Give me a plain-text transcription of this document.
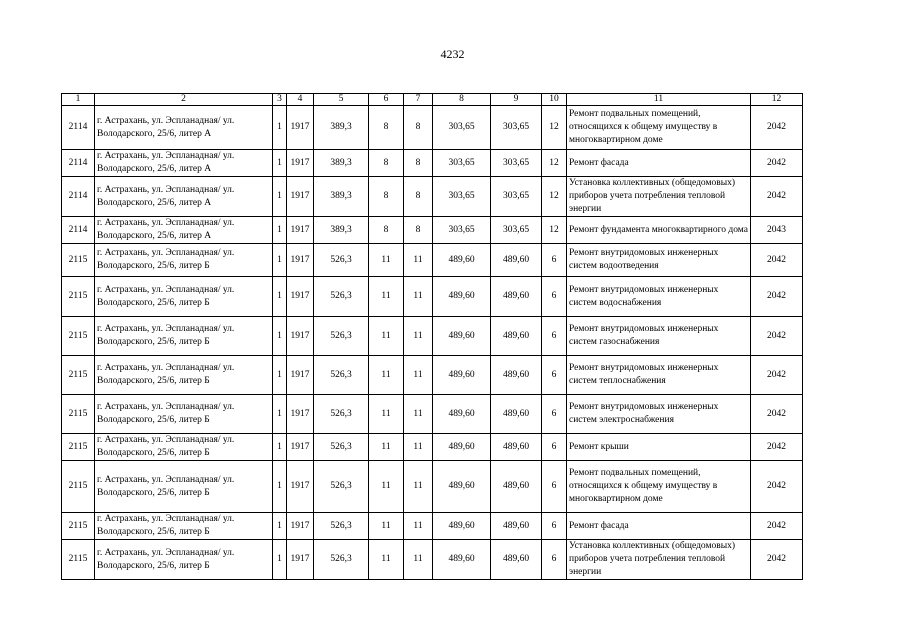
4232
1	2	3	4	5	6	7	8	9	10	11	12
2114	г. Астрахань, ул. Эспланадная/ ул. Володарского, 25/6, литер А	1	1917	389,3	8	8	303,65	303,65	12	Ремонт подвальных помещений, относящихся к общему имуществу в многоквартирном доме	2042
2114	г. Астрахань, ул. Эспланадная/ ул. Володарского, 25/6, литер А	1	1917	389,3	8	8	303,65	303,65	12	Ремонт фасада	2042
2114	г. Астрахань, ул. Эспланадная/ ул. Володарского, 25/6, литер А	1	1917	389,3	8	8	303,65	303,65	12	Установка коллективных (общедомовых) приборов учета потребления тепловой энергии	2042
2114	г. Астрахань, ул. Эспланадная/ ул. Володарского, 25/6, литер А	1	1917	389,3	8	8	303,65	303,65	12	Ремонт фундамента многоквартирного дома	2043
2115	г. Астрахань, ул. Эспланадная/ ул. Володарского, 25/6, литер Б	1	1917	526,3	11	11	489,60	489,60	6	Ремонт внутридомовых инженерных систем водоотведения	2042
2115	г. Астрахань, ул. Эспланадная/ ул. Володарского, 25/6, литер Б	1	1917	526,3	11	11	489,60	489,60	6	Ремонт внутридомовых инженерных систем водоснабжения	2042
2115	г. Астрахань, ул. Эспланадная/ ул. Володарского, 25/6, литер Б	1	1917	526,3	11	11	489,60	489,60	6	Ремонт внутридомовых инженерных систем газоснабжения	2042
2115	г. Астрахань, ул. Эспланадная/ ул. Володарского, 25/6, литер Б	1	1917	526,3	11	11	489,60	489,60	6	Ремонт внутридомовых инженерных систем теплоснабжения	2042
2115	г. Астрахань, ул. Эспланадная/ ул. Володарского, 25/6, литер Б	1	1917	526,3	11	11	489,60	489,60	6	Ремонт внутридомовых инженерных систем электроснабжения	2042
2115	г. Астрахань, ул. Эспланадная/ ул. Володарского, 25/6, литер Б	1	1917	526,3	11	11	489,60	489,60	6	Ремонт крыши	2042
2115	г. Астрахань, ул. Эспланадная/ ул. Володарского, 25/6, литер Б	1	1917	526,3	11	11	489,60	489,60	6	Ремонт подвальных помещений, относящихся к общему имуществу в многоквартирном доме	2042
2115	г. Астрахань, ул. Эспланадная/ ул. Володарского, 25/6, литер Б	1	1917	526,3	11	11	489,60	489,60	6	Ремонт фасада	2042
2115	г. Астрахань, ул. Эспланадная/ ул. Володарского, 25/6, литер Б	1	1917	526,3	11	11	489,60	489,60	6	Установка коллективных (общедомовых) приборов учета потребления тепловой энергии	2042
